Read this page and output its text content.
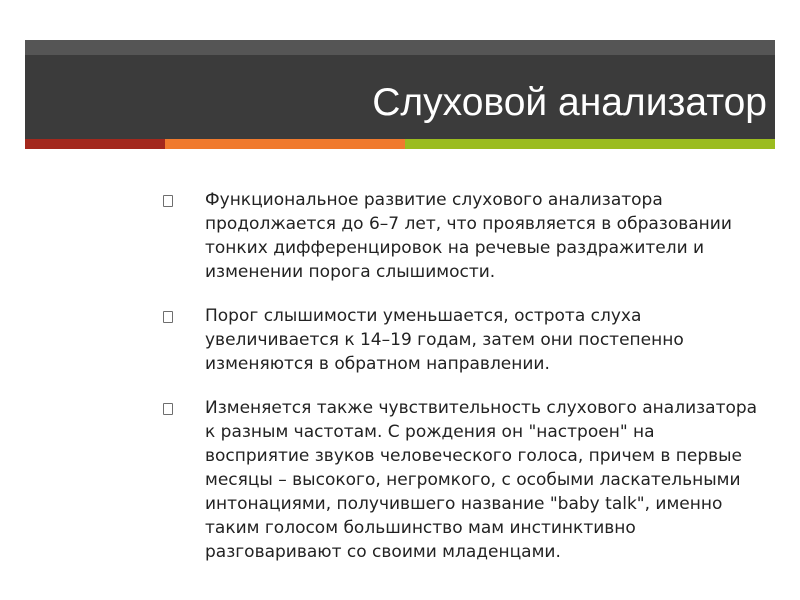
Слуховой анализатор

Функциональное развитие слухового анализатора продолжается до 6–7 лет, что проявляется в образовании тонких дифференцировок на речевые раздражители и изменении порога слышимости.

Порог слышимости уменьшается, острота слуха увеличивается к 14–19 годам, затем они постепенно изменяются в обратном направлении.

Изменяется также чувствительность слухового анализатора к разным частотам. С рождения он "настроен" на восприятие звуков человеческого голоса, причем в первые месяцы – высокого, негромкого, с особыми ласкательными интонациями, получившего название "baby talk", именно таким голосом большинство мам инстинктивно разговаривают со своими младенцами.
